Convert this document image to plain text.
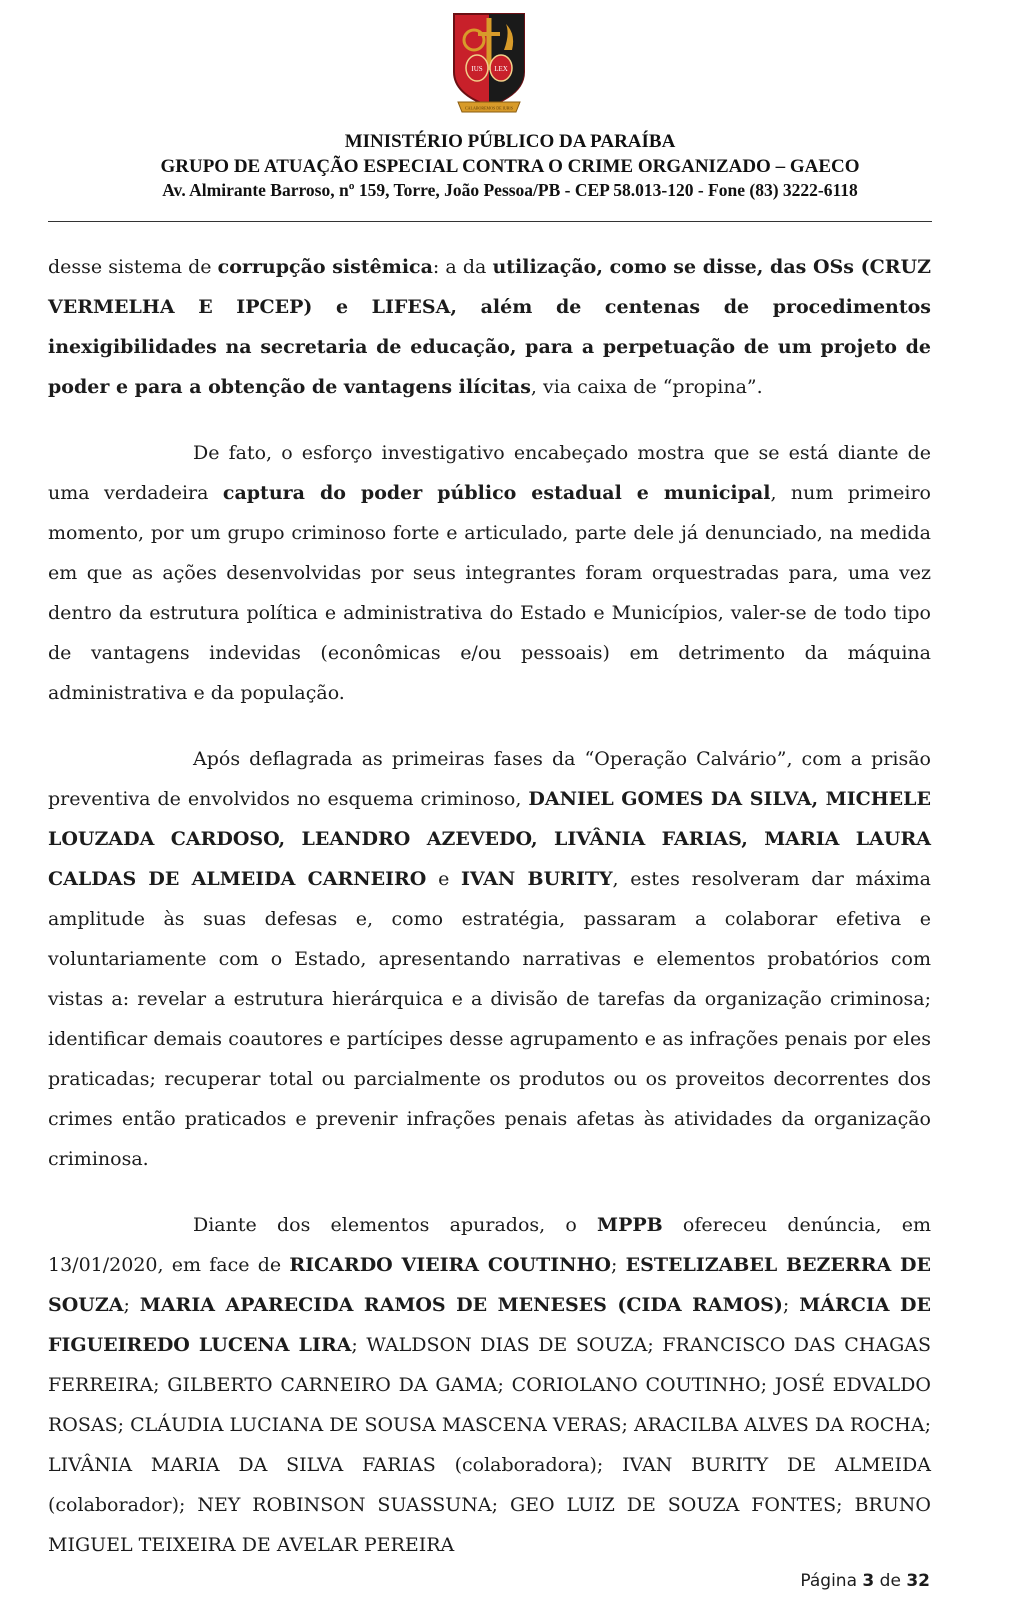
IUS LEX
CALABOREMOS DE IURIS
MINISTÉRIO PÚBLICO DA PARAÍBA
GRUPO DE ATUAÇÃO ESPECIAL CONTRA O CRIME ORGANIZADO – GAECO
Av. Almirante Barroso, nº 159, Torre, João Pessoa/PB - CEP 58.013-120 - Fone (83) 3222-6118

desse sistema de corrupção sistêmica: a da utilização, como se disse, das OSs (CRUZ VERMELHA E IPCEP) e LIFESA, além de centenas de procedimentos inexigibilidades na secretaria de educação, para a perpetuação de um projeto de poder e para a obtenção de vantagens ilícitas, via caixa de “propina”.

De fato, o esforço investigativo encabeçado mostra que se está diante de uma verdadeira captura do poder público estadual e municipal, num primeiro momento, por um grupo criminoso forte e articulado, parte dele já denunciado, na medida em que as ações desenvolvidas por seus integrantes foram orquestradas para, uma vez dentro da estrutura política e administrativa do Estado e Municípios, valer-se de todo tipo de vantagens indevidas (econômicas e/ou pessoais) em detrimento da máquina administrativa e da população.

Após deflagrada as primeiras fases da “Operação Calvário”, com a prisão preventiva de envolvidos no esquema criminoso, DANIEL GOMES DA SILVA, MICHELE LOUZADA CARDOSO, LEANDRO AZEVEDO, LIVÂNIA FARIAS, MARIA LAURA CALDAS DE ALMEIDA CARNEIRO e IVAN BURITY, estes resolveram dar máxima amplitude às suas defesas e, como estratégia, passaram a colaborar efetiva e voluntariamente com o Estado, apresentando narrativas e elementos probatórios com vistas a: revelar a estrutura hierárquica e a divisão de tarefas da organização criminosa; identificar demais coautores e partícipes desse agrupamento e as infrações penais por eles praticadas; recuperar total ou parcialmente os produtos ou os proveitos decorrentes dos crimes então praticados e prevenir infrações penais afetas às atividades da organização criminosa.

Diante dos elementos apurados, o MPPB ofereceu denúncia, em 13/01/2020, em face de RICARDO VIEIRA COUTINHO; ESTELIZABEL BEZERRA DE SOUZA; MARIA APARECIDA RAMOS DE MENESES (CIDA RAMOS); MÁRCIA DE FIGUEIREDO LUCENA LIRA; WALDSON DIAS DE SOUZA; FRANCISCO DAS CHAGAS FERREIRA; GILBERTO CARNEIRO DA GAMA; CORIOLANO COUTINHO; JOSÉ EDVALDO ROSAS; CLÁUDIA LUCIANA DE SOUSA MASCENA VERAS; ARACILBA ALVES DA ROCHA; LIVÂNIA MARIA DA SILVA FARIAS (colaboradora); IVAN BURITY DE ALMEIDA (colaborador); NEY ROBINSON SUASSUNA; GEO LUIZ DE SOUZA FONTES; BRUNO MIGUEL TEIXEIRA DE AVELAR PEREIRA

Página 3 de 32
